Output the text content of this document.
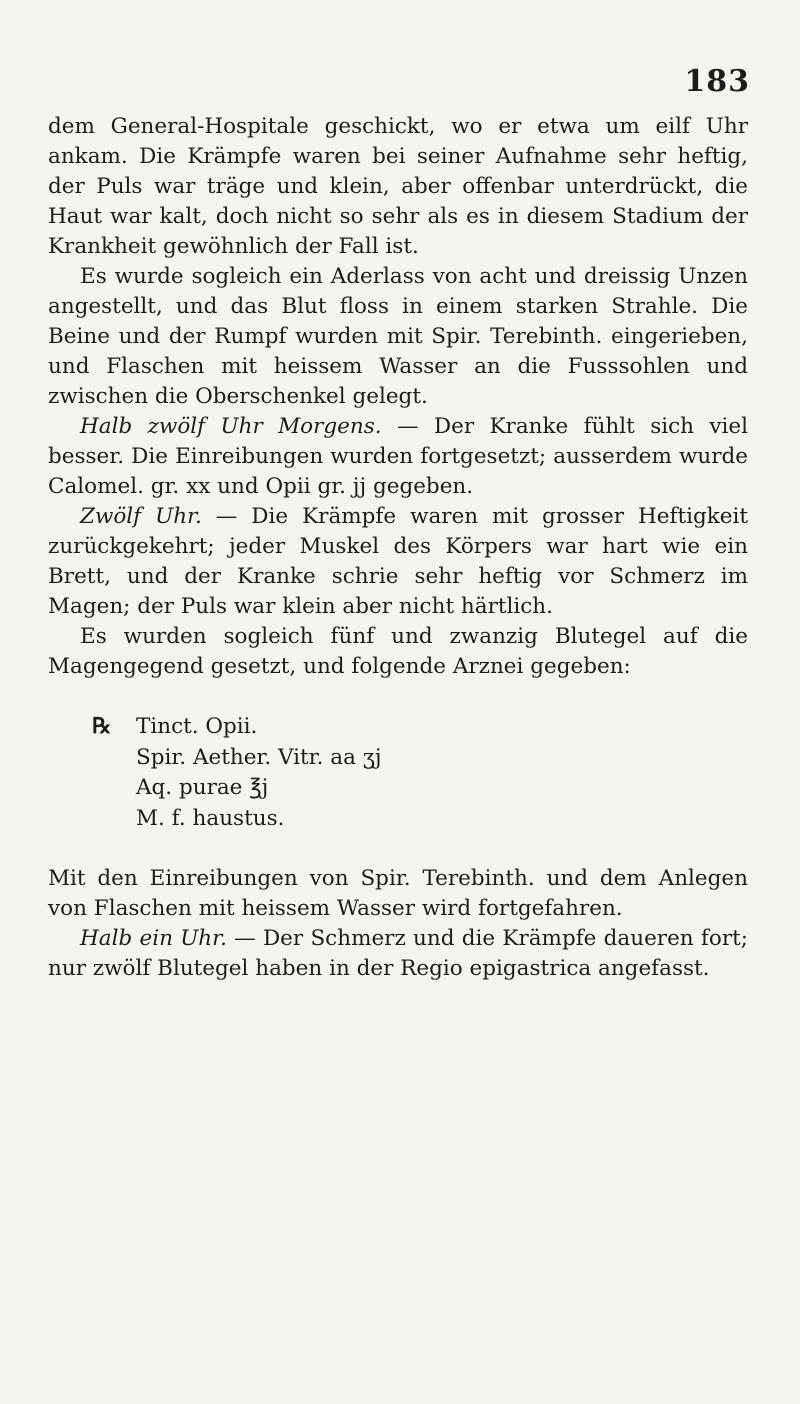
183

dem General-Hospitale geschickt, wo er etwa um eilf Uhr ankam. Die Krämpfe waren bei seiner Aufnahme sehr heftig, der Puls war träge und klein, aber offenbar unterdrückt, die Haut war kalt, doch nicht so sehr als es in diesem Stadium der Krankheit gewöhnlich der Fall ist.

Es wurde sogleich ein Aderlass von acht und dreissig Unzen angestellt, und das Blut floss in einem starken Strahle. Die Beine und der Rumpf wurden mit Spir. Terebinth. eingerieben, und Flaschen mit heissem Wasser an die Fusssohlen und zwischen die Oberschenkel gelegt.

Halb zwölf Uhr Morgens. — Der Kranke fühlt sich viel besser. Die Einreibungen wurden fortgesetzt; ausserdem wurde Calomel. gr. xx und Opii gr. jj gegeben.

Zwölf Uhr. — Die Krämpfe waren mit grosser Heftigkeit zurückgekehrt; jeder Muskel des Körpers war hart wie ein Brett, und der Kranke schrie sehr heftig vor Schmerz im Magen; der Puls war klein aber nicht härtlich.

Es wurden sogleich fünf und zwanzig Blutegel auf die Magengegend gesetzt, und folgende Arznei gegeben:

℞ Tinct. Opii.
Spir. Aether. Vitr. aa ʒj
Aq. purae ℥j
M. f. haustus.

Mit den Einreibungen von Spir. Terebinth. und dem Anlegen von Flaschen mit heissem Wasser wird fortgefahren.

Halb ein Uhr. — Der Schmerz und die Krämpfe daueren fort; nur zwölf Blutegel haben in der Regio epigastrica angefasst.
